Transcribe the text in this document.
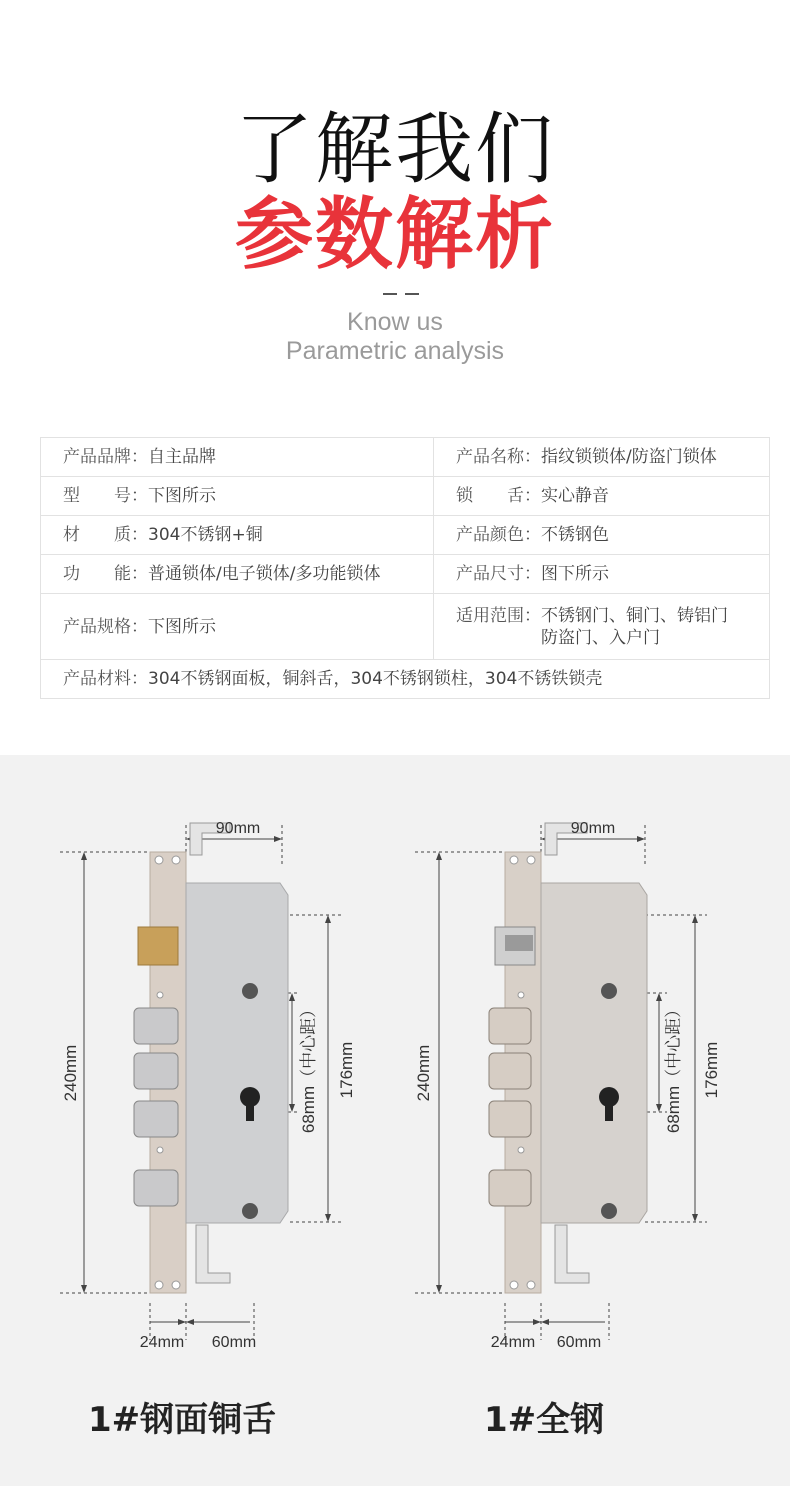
了解我们
参数解析
Know us
Parametric analysis
产品品牌：自主品牌	产品名称：指纹锁锁体/防盗门锁体
型　　号：下图所示	锁　　舌：实心静音
材　　质：304不锈钢+铜	产品颜色：不锈钢色
功　　能：普通锁体/电子锁体/多功能锁体	产品尺寸：图下所示
产品规格：下图所示	适用范围： 不锈钢门、铜门、铸铝门
防盗门、入户门

产品材料：304不锈钢面板，铜斜舌，304不锈钢锁柱，304不锈铁锁壳	
90mm
240mm	176mm
68mm（中心距）
24mm 60mm
90mm
240mm	176mm
68mm（中心距）
24mm 60mm
1#钢面铜舌	1#全钢
